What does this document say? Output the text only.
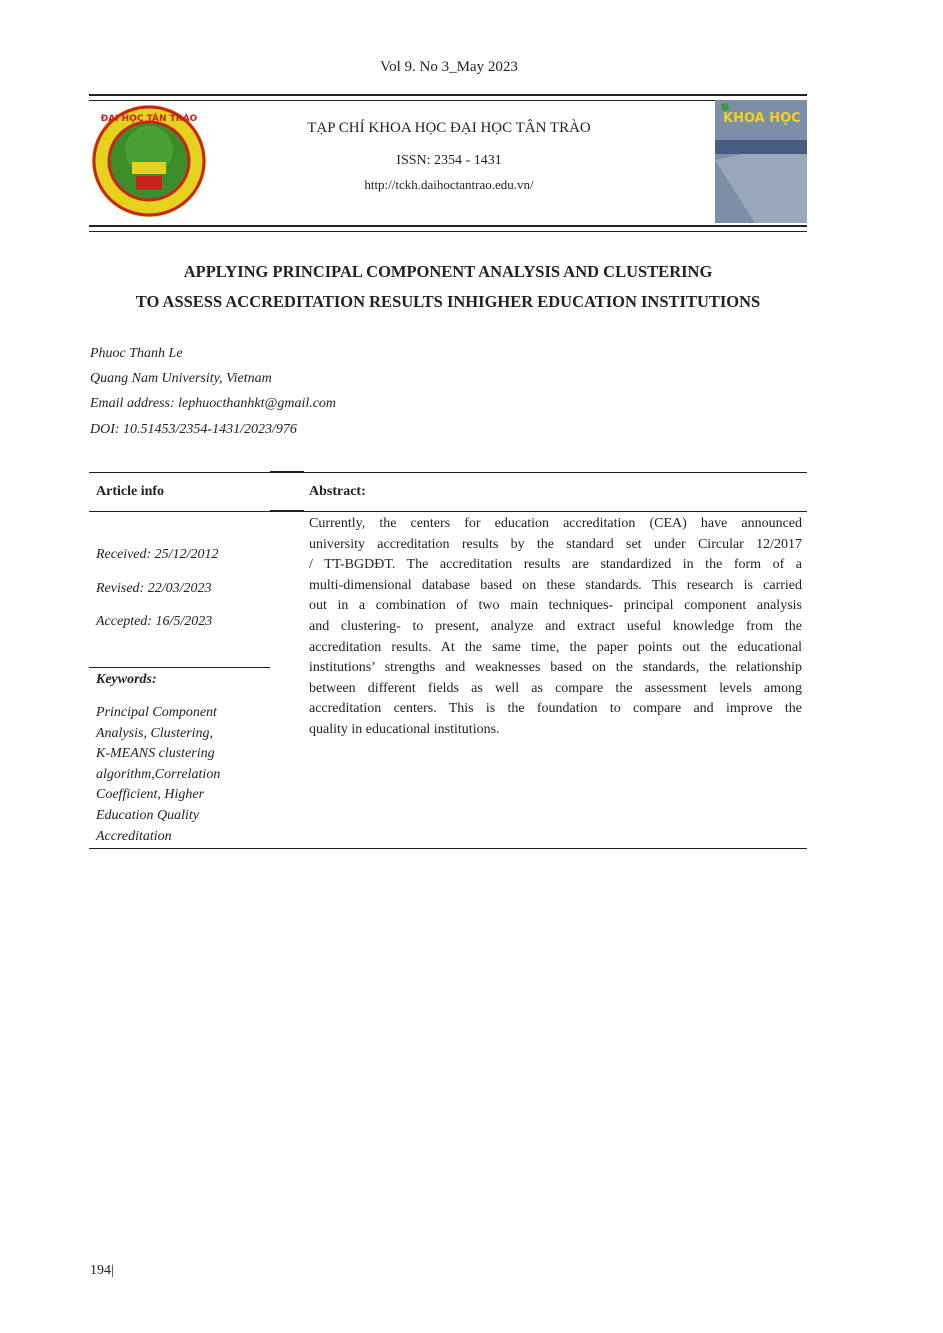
Vol 9. No 3_May 2023
ĐẠI HỌC TÂN TRÀO
TẠP CHÍ KHOA HỌC ĐẠI HỌC TÂN TRÀO
ISSN: 2354 - 1431
http://tckh.daihoctantrao.edu.vn/
KHOA HỌC
APPLYING PRINCIPAL COMPONENT ANALYSIS AND CLUSTERING
TO ASSESS ACCREDITATION RESULTS INHIGHER EDUCATION INSTITUTIONS
Phuoc Thanh Le
Quang Nam University, Vietnam
Email address: lephuocthanhkt@gmail.com
DOI: 10.51453/2354-1431/2023/976
Article info	Abstract:
Received: 25/12/2012
Revised: 22/03/2023
Accepted: 16/5/2023
Keywords:
Principal Component
Analysis, Clustering,
K-MEANS clustering
algorithm,Correlation
Coefficient, Higher
Education Quality
Accreditation
Currently, the centers for education accreditation (CEA) have announced
university accreditation results by the standard set under Circular 12/2017
/ TT-BGDĐT. The accreditation results are standardized in the form of a
multi-dimensional database based on these standards. This research is carried
out in a combination of two main techniques- principal component analysis
and clustering- to present, analyze and extract useful knowledge from the
accreditation results. At the same time, the paper points out the educational
institutions’ strengths and weaknesses based on the standards, the relationship
between different fields as well as compare the assessment levels among
accreditation centers. This is the foundation to compare and improve the
quality in educational institutions.
194|
